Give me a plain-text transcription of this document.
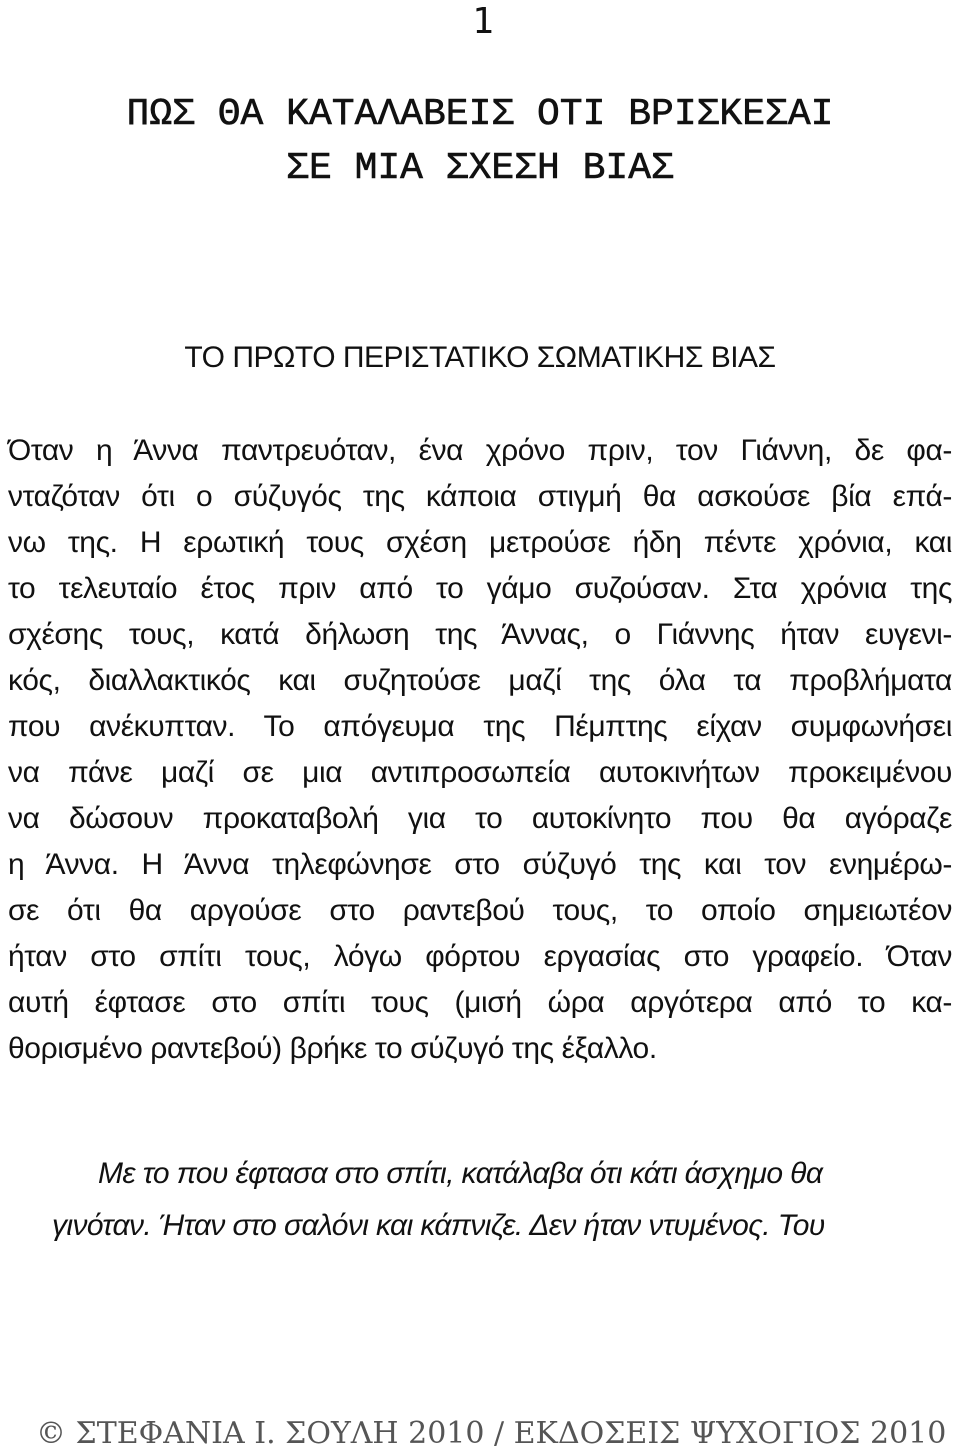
1
ΠΩΣ ΘΑ ΚΑΤΑΛΑΒΕΙΣ ΟΤΙ ΒΡΙΣΚΕΣΑΙ
ΣΕ ΜΙΑ ΣΧΕΣΗ ΒΙΑΣ
ΤΟ ΠΡΩΤΟ ΠΕΡΙΣΤΑΤΙΚΟ ΣΩΜΑΤΙΚΗΣ ΒΙΑΣ
Όταν η Άννα παντρευόταν, ένα χρόνο πριν, τον Γιάννη, δε φα-
νταζόταν ότι ο σύζυγός της κάποια στιγμή θα ασκούσε βία επά-
νω της. Η ερωτική τους σχέση μετρούσε ήδη πέντε χρόνια, και
το τελευταίο έτος πριν από το γάμο συζούσαν. Στα χρόνια της
σχέσης τους, κατά δήλωση της Άννας, ο Γιάννης ήταν ευγενι-
κός, διαλλακτικός και συζητούσε μαζί της όλα τα προβλήματα
που ανέκυπταν. Το απόγευμα της Πέμπτης είχαν συμφωνήσει
να πάνε μαζί σε μια αντιπροσωπεία αυτοκινήτων προκειμένου
να δώσουν προκαταβολή για το αυτοκίνητο που θα αγόραζε
η Άννα. Η Άννα τηλεφώνησε στο σύζυγό της και τον ενημέρω-
σε ότι θα αργούσε στο ραντεβού τους, το οποίο σημειωτέον
ήταν στο σπίτι τους, λόγω φόρτου εργασίας στο γραφείο. Όταν
αυτή έφτασε στο σπίτι τους (μισή ώρα αργότερα από το κα-
θορισμένο ραντεβού) βρήκε το σύζυγό της έξαλλο.
Με το που έφτασα στο σπίτι, κατάλαβα ότι κάτι άσχημο θα
γινόταν. Ήταν στο σαλόνι και κάπνιζε. Δεν ήταν ντυμένος. Του
© ΣΤΕΦΑΝΙΑ Ι. ΣΟΥΛΗ 2010 / ΕΚΔΟΣΕΙΣ ΨΥΧΟΓΙΟΣ 2010
